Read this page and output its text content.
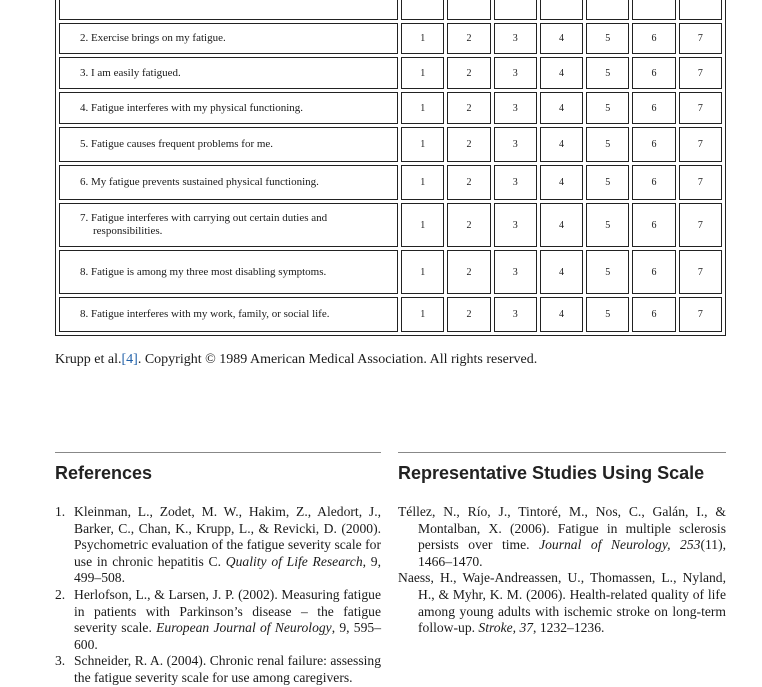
2. Exercise brings on my fatigue.	1	2	3	4	5	6	7
3. I am easily fatigued.	1	2	3	4	5	6	7
4. Fatigue interferes with my physical functioning.	1	2	3	4	5	6	7
5. Fatigue causes frequent problems for me.	1	2	3	4	5	6	7
6. My fatigue prevents sustained physical functioning.	1	2	3	4	5	6	7
7. Fatigue interferes with carrying out certain duties and responsibilities.	1	2	3	4	5	6	7
8. Fatigue is among my three most disabling symptoms.	1	2	3	4	5	6	7
8. Fatigue interferes with my work, family, or social life.	1	2	3	4	5	6	7
Krupp et al.[4]. Copyright © 1989 American Medical Association. All rights reserved.
References

1. Kleinman, L., Zodet, M. W., Hakim, Z., Aledort, J., Barker, C., Chan, K., Krupp, L., & Revicki, D. (2000). Psychometric evaluation of the fatigue severity scale for use in chronic hepatitis C. Quality of Life Research, 9, 499–508.

2. Herlofson, L., & Larsen, J. P. (2002). Measuring fatigue in patients with Parkinson’s disease – the fatigue severity scale. European Journal of Neurology, 9, 595–600.

3. Schneider, R. A. (2004). Chronic renal failure: assessing the fatigue severity scale for use among caregivers.

Representative Studies Using Scale

Téllez, N., Río, J., Tintoré, M., Nos, C., Galán, I., & Montalban, X. (2006). Fatigue in multiple sclerosis persists over time. Journal of Neurology, 253(11), 1466–1470.

Naess, H., Waje-Andreassen, U., Thomassen, L., Nyland, H., & Myhr, K. M. (2006). Health-related quality of life among young adults with ischemic stroke on long-term follow-up. Stroke, 37, 1232–1236.
